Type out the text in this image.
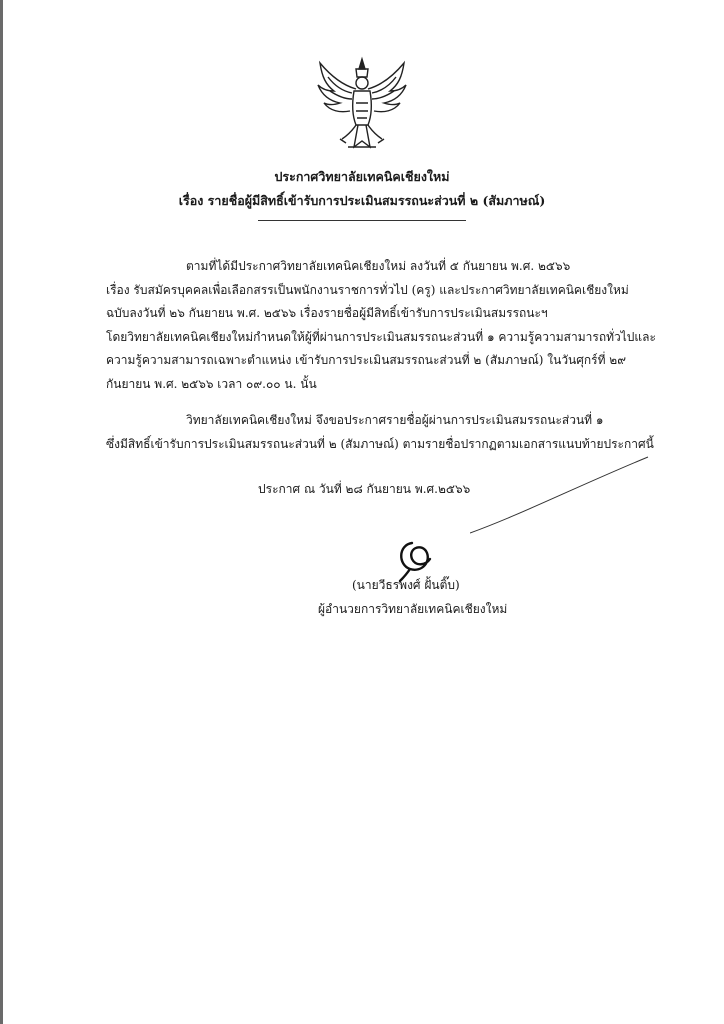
ประกาศวิทยาลัยเทคนิคเชียงใหม่
เรื่อง รายชื่อผู้มีสิทธิ์เข้ารับการประเมินสมรรถนะส่วนที่ ๒ (สัมภาษณ์)
ตามที่ได้มีประกาศวิทยาลัยเทคนิคเชียงใหม่ ลงวันที่ ๕ กันยายน พ.ศ. ๒๕๖๖
เรื่อง รับสมัครบุคคลเพื่อเลือกสรรเป็นพนักงานราชการทั่วไป (ครู) และประกาศวิทยาลัยเทคนิคเชียงใหม่
ฉบับลงวันที่ ๒๖ กันยายน พ.ศ. ๒๕๖๖ เรื่องรายชื่อผู้มีสิทธิ์เข้ารับการประเมินสมรรถนะฯ
โดยวิทยาลัยเทคนิคเชียงใหม่กำหนดให้ผู้ที่ผ่านการประเมินสมรรถนะส่วนที่ ๑ ความรู้ความสามารถทั่วไปและ
ความรู้ความสามารถเฉพาะตำแหน่ง เข้ารับการประเมินสมรรถนะส่วนที่ ๒ (สัมภาษณ์) ในวันศุกร์ที่ ๒๙
กันยายน พ.ศ. ๒๕๖๖ เวลา ๐๙.๐๐ น. นั้น
วิทยาลัยเทคนิคเชียงใหม่ จึงขอประกาศรายชื่อผู้ผ่านการประเมินสมรรถนะส่วนที่ ๑
ซึ่งมีสิทธิ์เข้ารับการประเมินสมรรถนะส่วนที่ ๒ (สัมภาษณ์) ตามรายชื่อปรากฏตามเอกสารแนบท้ายประกาศนี้
ประกาศ ณ วันที่ ๒๘ กันยายน พ.ศ.๒๕๖๖
(นายวีธรพงศ์ ฝั้นติ๊บ)
ผู้อำนวยการวิทยาลัยเทคนิคเชียงใหม่
